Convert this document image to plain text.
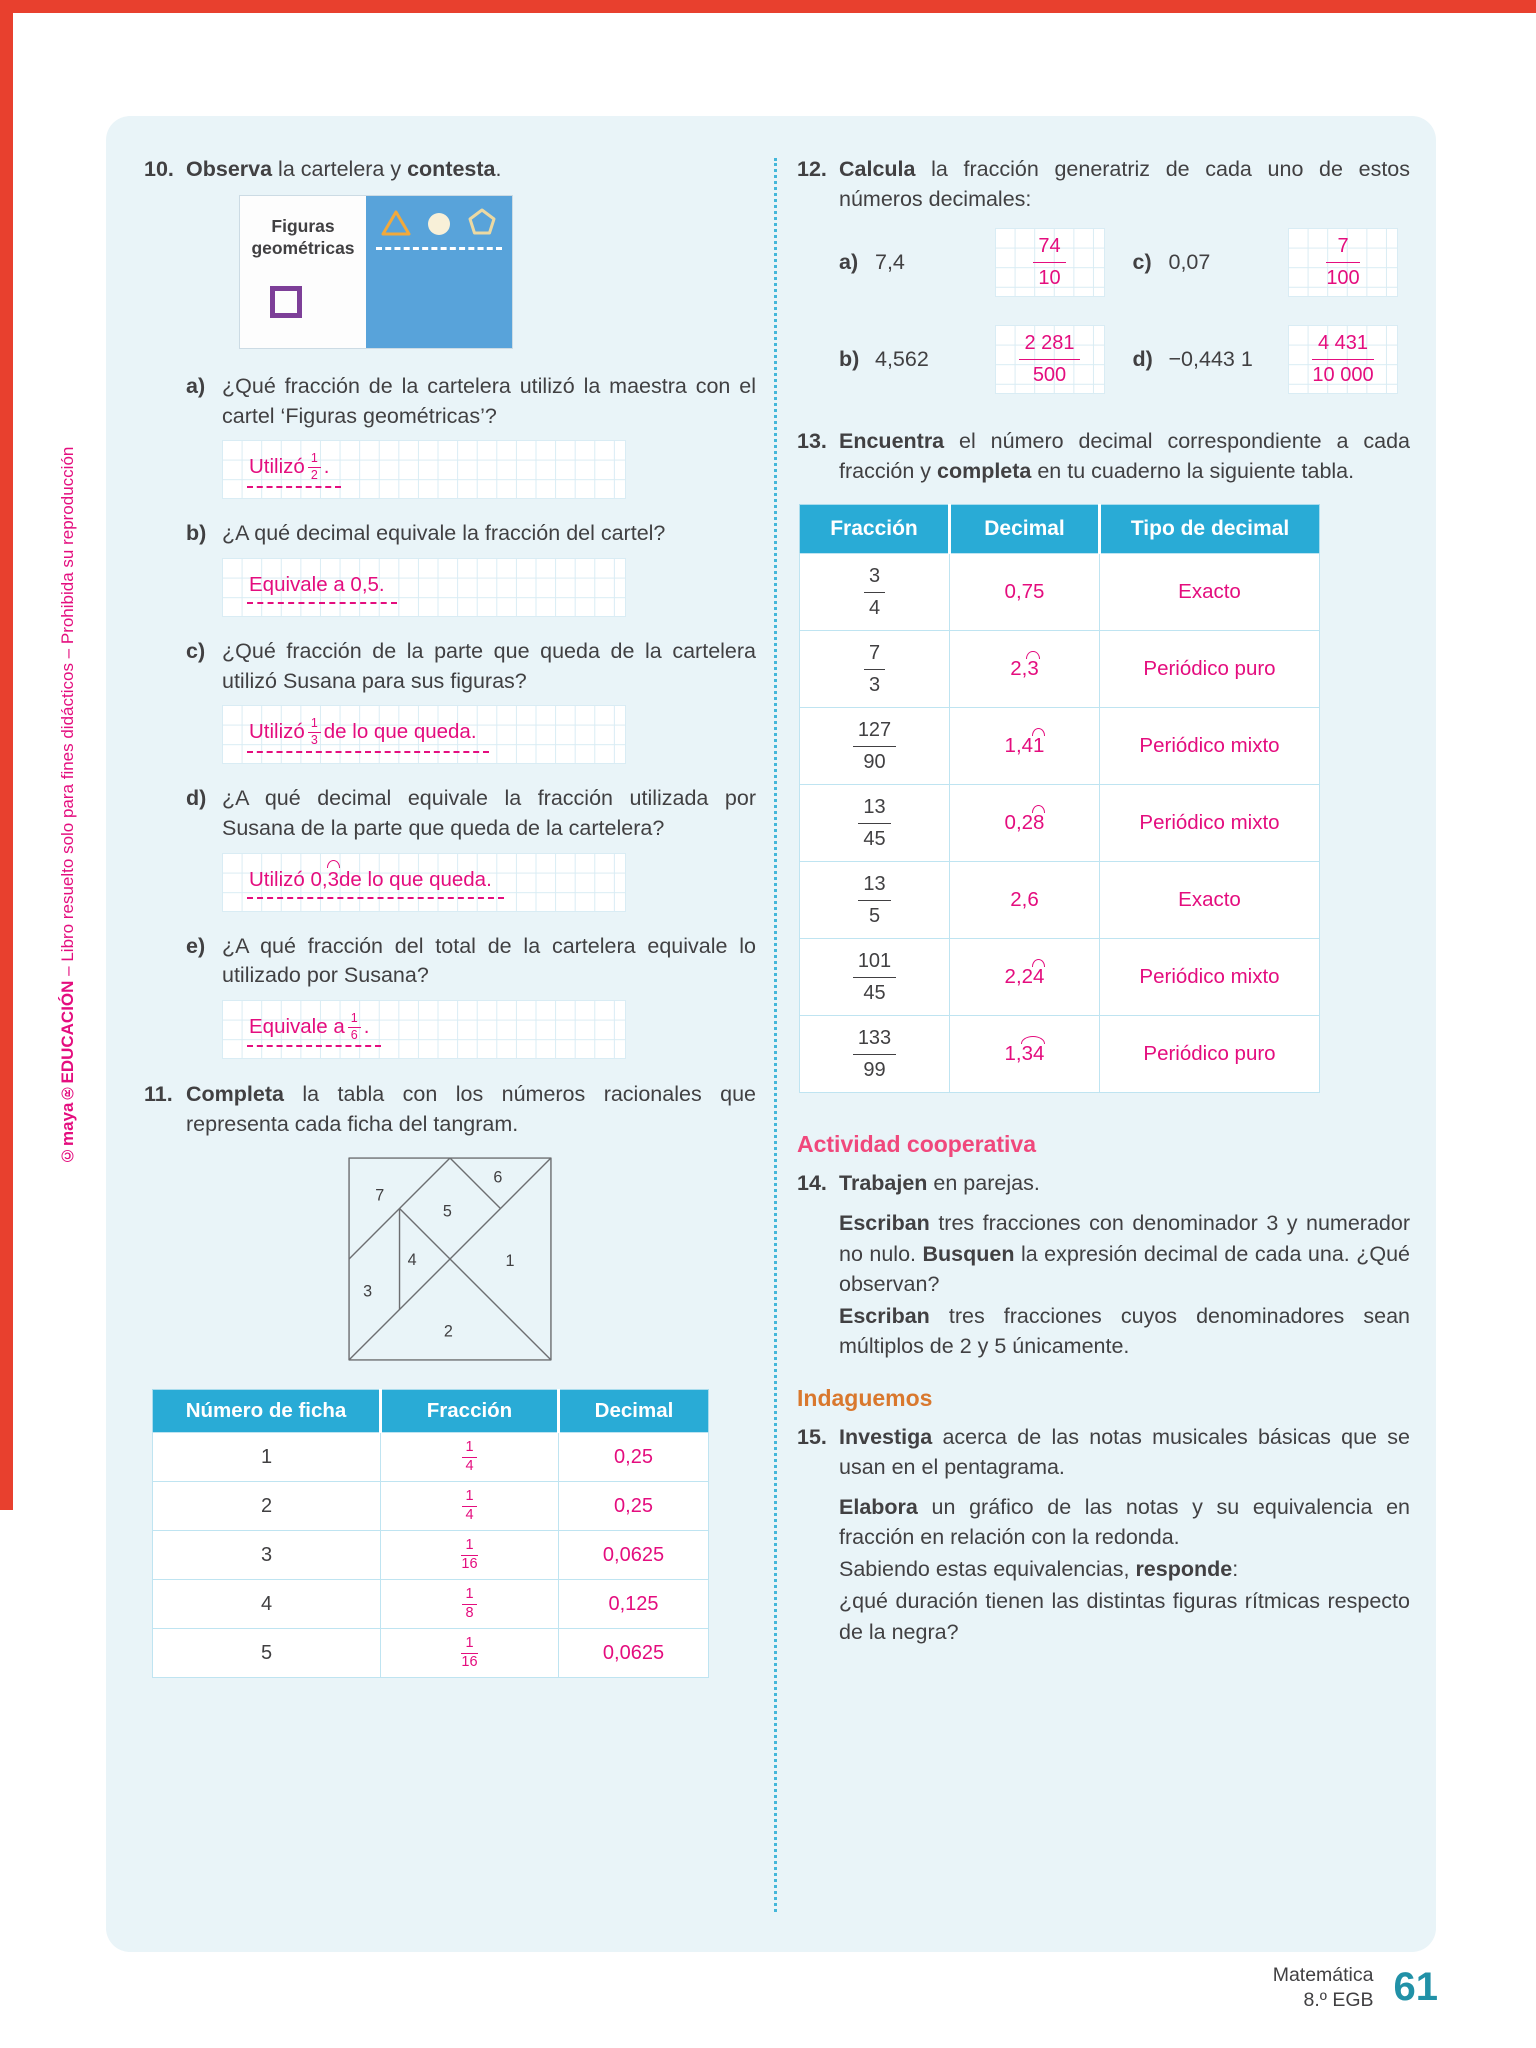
©maya®EDUCACIÓN – Libro resuelto solo para fines didácticos – Prohibida su reproducción
10. Observa la cartelera y contesta.
Figuras geométricas
a) ¿Qué fracción de la cartelera utilizó la maestra con el cartel ‘Figuras geométricas’?

Utilizó 1
2 .
b) ¿A qué decimal equivale la fracción del cartel?

Equivale a 0,5.
c) ¿Qué fracción de la parte que queda de la cartelera utilizó Susana para sus figuras?

Utilizó 1
3 de lo que queda.
d) ¿A qué decimal equivale la fracción utilizada por Susana de la parte que queda de la cartelera?

Utilizó 0, 3 de lo que queda.
e) ¿A qué fracción del total de la cartelera equivale lo utilizado por Susana?

Equivale a 1
6 .
11. Completa la tabla con los números racionales que representa cada ficha del tangram.
1
2
3
4
5
6
7
Número de ficha	Fracción	Decimal
1	$\frac{1}{4}$	0,25
2	$\frac{1}{4}$	0,25
3	$\frac{1}{16}$	0,0625
4	$\frac{1}{8}$	0,125
5	$\frac{1}{16}$	0,0625
12. Calcula la fracción generatriz de cada uno de estos números decimales:
a) 7,4
74
10
c) 0,07
7
100
b) 4,562
2 281
500
d) −0,443 1
4 431
10 000
13. Encuentra el número decimal correspondiente a cada fracción y completa en tu cuaderno la siguiente tabla.
Fracción	Decimal	Tipo de decimal

$\frac{3}{4}$	0,75	Exacto

$\frac{7}{3}$	2,3	Periódico puro

$\frac{127}{90}$	1,41	Periódico mixto

$\frac{13}{45}$	0,28	Periódico mixto

$\frac{13}{5}$	2,6	Exacto

$\frac{101}{45}$	2,24	Periódico mixto

$\frac{133}{99}$	1,34	Periódico puro
Actividad cooperativa
14. Trabajen en parejas.

Escriban tres fracciones con denominador 3 y numerador no nulo. Busquen la expresión decimal de cada una. ¿Qué observan?

Escriban tres fracciones cuyos denominadores sean múltiplos de 2 y 5 únicamente.

Indaguemos
15. Investiga acerca de las notas musicales básicas que se usan en el pentagrama.

Elabora un gráfico de las notas y su equivalencia en fracción en relación con la redonda.

Sabiendo estas equivalencias, responde:

¿qué duración tienen las distintas figuras rítmicas respecto de la negra?

Matemática
8.º EGB 61
